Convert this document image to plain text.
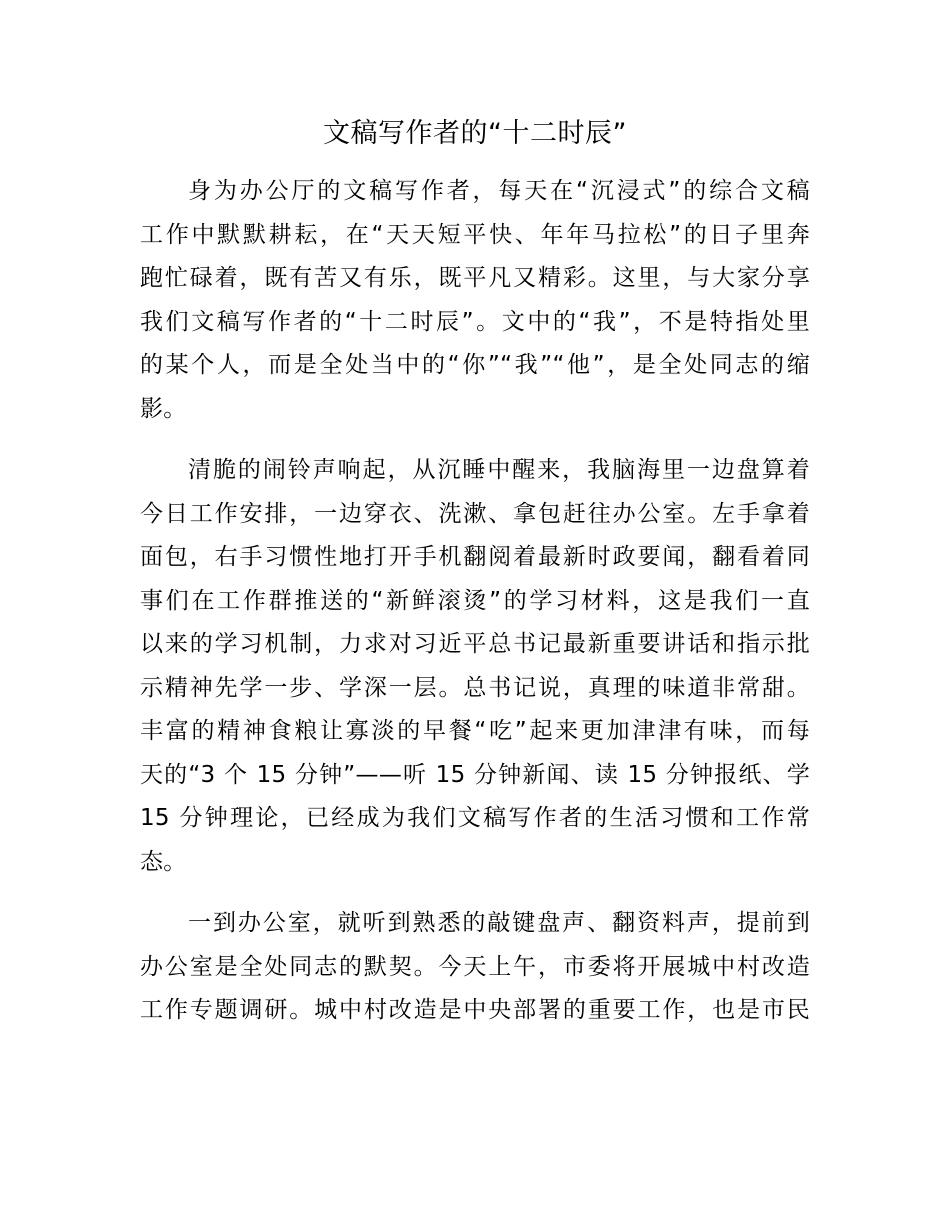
文稿写作者的“十二时辰”

身为办公厅的文稿写作者，每天在“沉浸式”的综合文稿
工作中默默耕耘，在“天天短平快、年年马拉松”的日子里奔
跑忙碌着，既有苦又有乐，既平凡又精彩。这里，与大家分享
我们文稿写作者的“十二时辰”。文中的“我”，不是特指处里
的某个人，而是全处当中的“你”“我”“他”，是全处同志的缩
影。

清脆的闹铃声响起，从沉睡中醒来，我脑海里一边盘算着
今日工作安排，一边穿衣、洗漱、拿包赶往办公室。左手拿着
面包，右手习惯性地打开手机翻阅着最新时政要闻，翻看着同
事们在工作群推送的“新鲜滚烫”的学习材料，这是我们一直
以来的学习机制，力求对习近平总书记最新重要讲话和指示批
示精神先学一步、学深一层。总书记说，真理的味道非常甜。
丰富的精神食粮让寡淡的早餐“吃”起来更加津津有味，而每
天的“3 个 15 分钟”——听 15 分钟新闻、读 15 分钟报纸、学
15 分钟理论，已经成为我们文稿写作者的生活习惯和工作常
态。

一到办公室，就听到熟悉的敲键盘声、翻资料声，提前到
办公室是全处同志的默契。今天上午，市委将开展城中村改造
工作专题调研。城中村改造是中央部署的重要工作，也是市民
